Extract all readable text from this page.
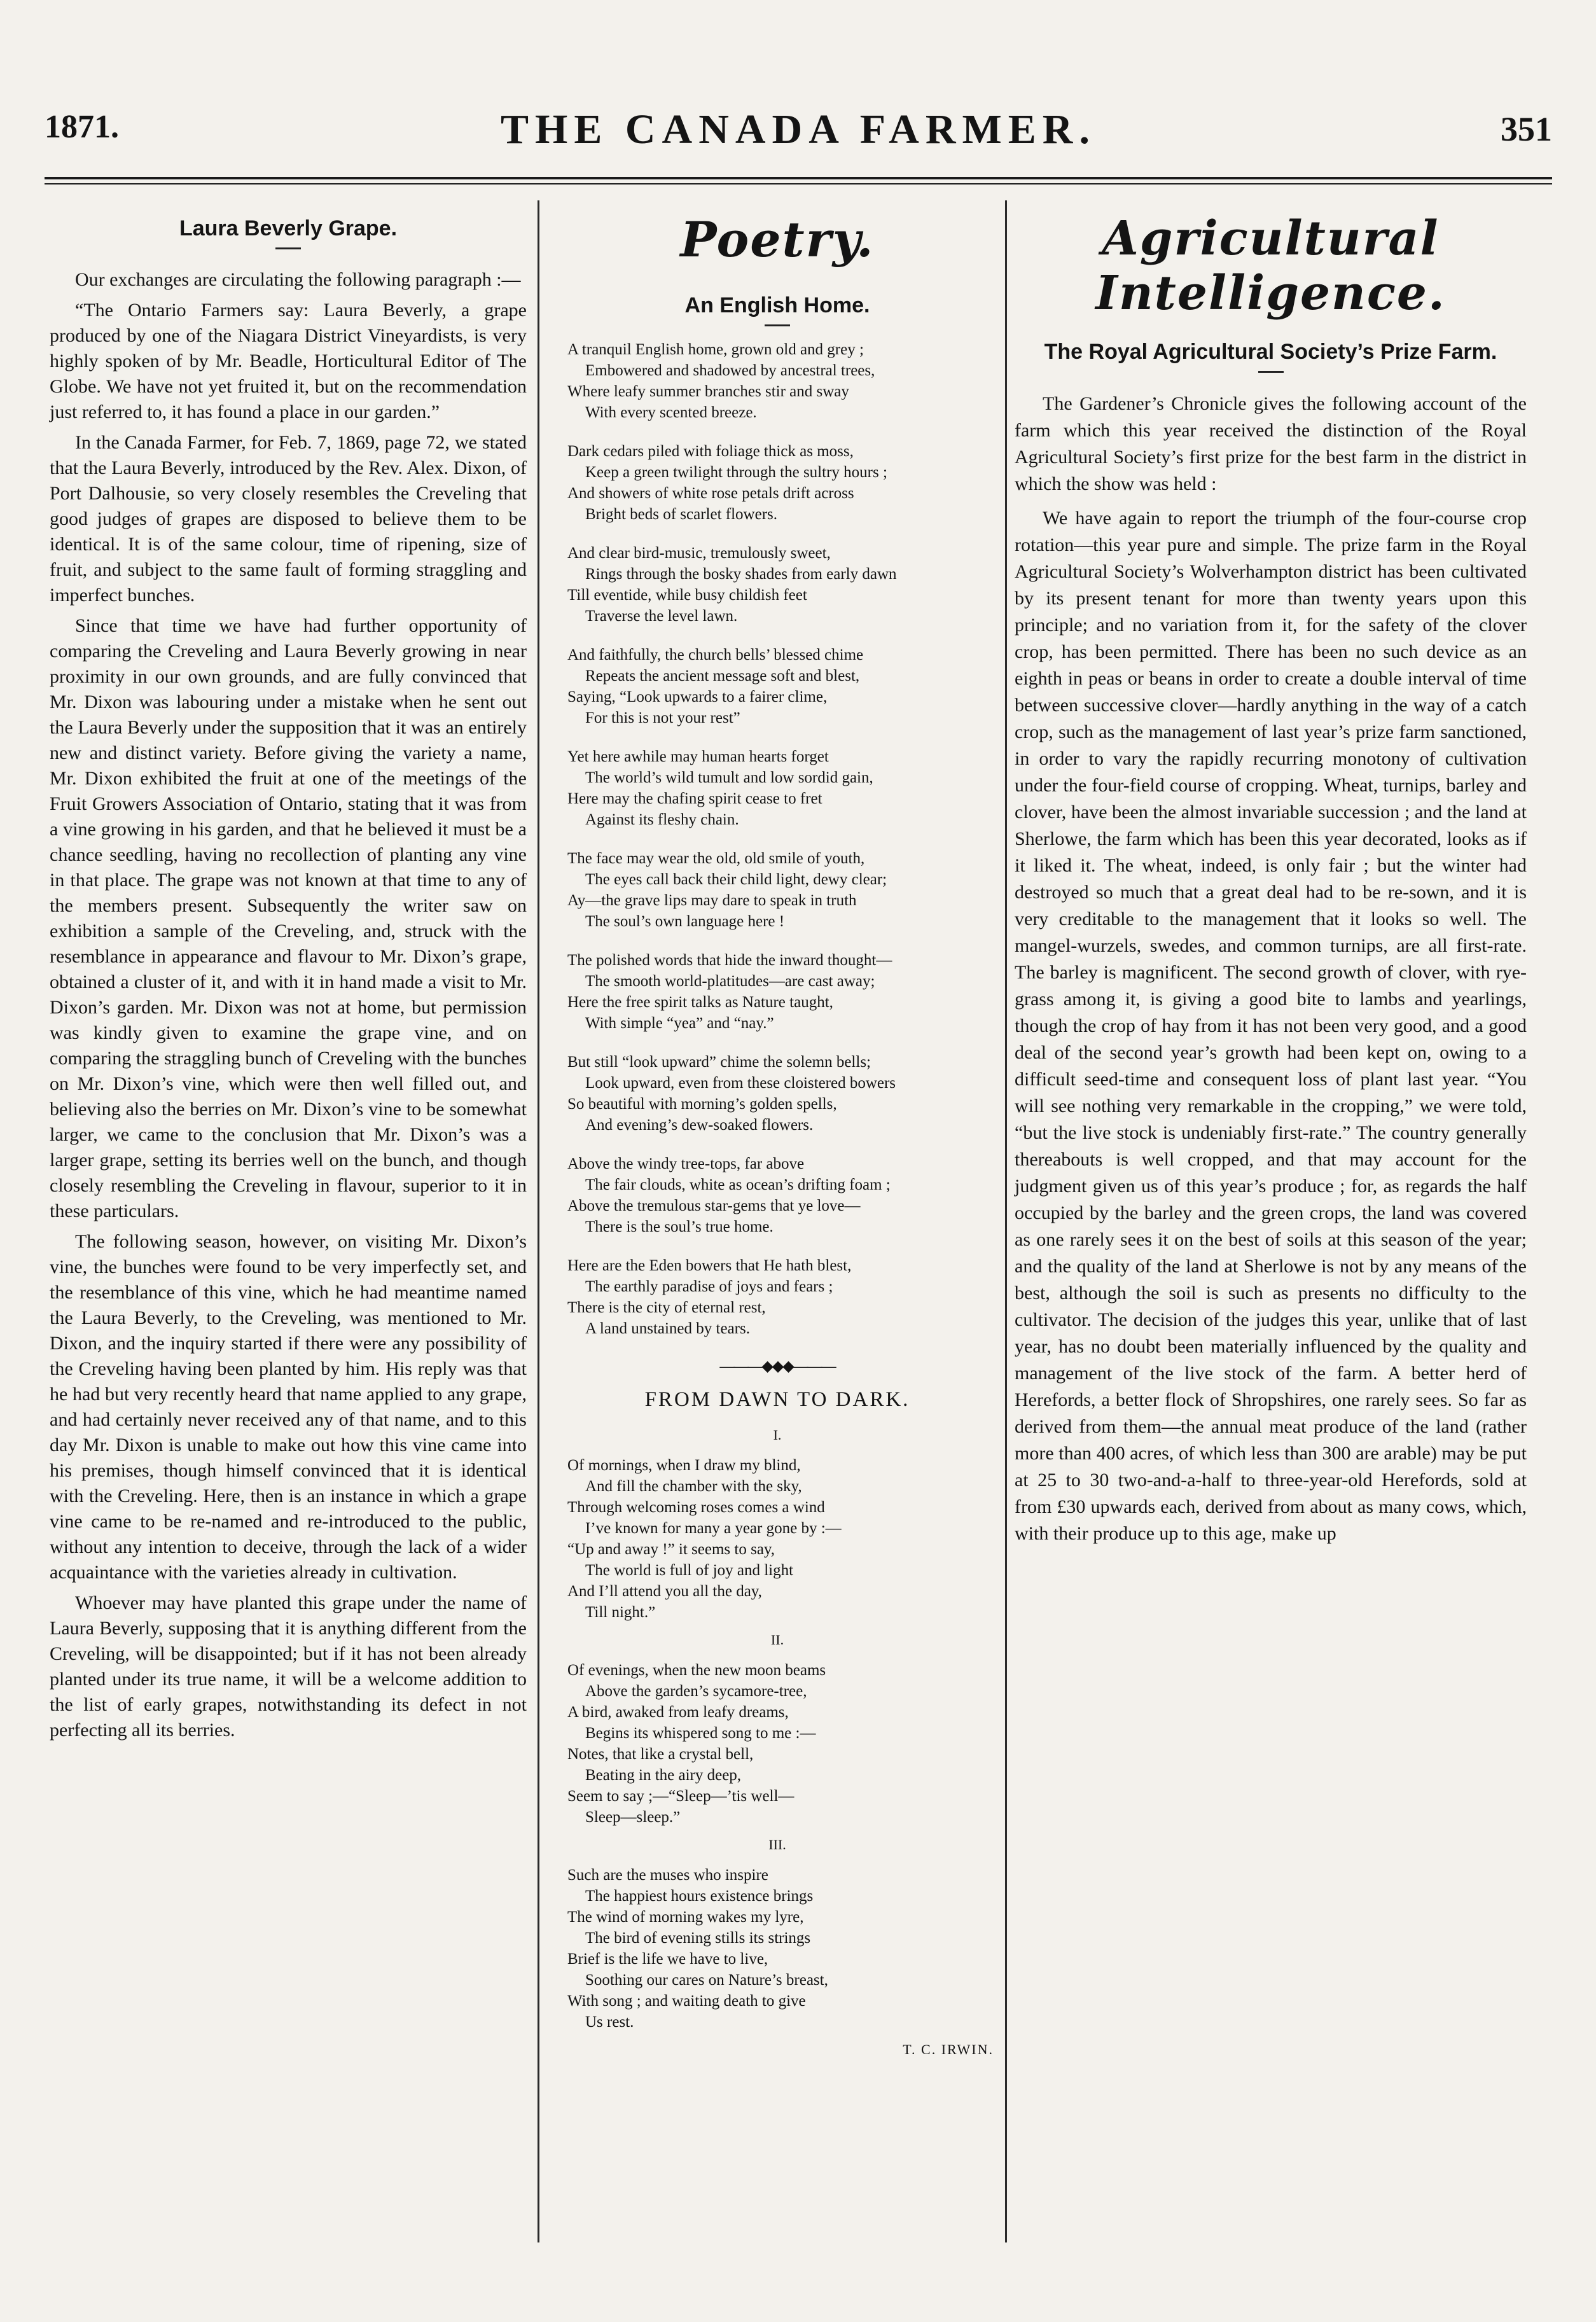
1871.	THE CANADA FARMER.	351
Laura Beverly Grape.

Our exchanges are circulating the following paragraph :—

“The Ontario Farmers say: Laura Beverly, a grape produced by one of the Niagara District Vineyardists, is very highly spoken of by Mr. Beadle, Horticultural Editor of The Globe. We have not yet fruited it, but on the recommendation just referred to, it has found a place in our garden.”

In the Canada Farmer, for Feb. 7, 1869, page 72, we stated that the Laura Beverly, introduced by the Rev. Alex. Dixon, of Port Dalhousie, so very closely resembles the Creveling that good judges of grapes are disposed to believe them to be identical. It is of the same colour, time of ripening, size of fruit, and subject to the same fault of forming straggling and imperfect bunches.

Since that time we have had further opportunity of comparing the Creveling and Laura Beverly growing in near proximity in our own grounds, and are fully convinced that Mr. Dixon was labouring under a mistake when he sent out the Laura Beverly under the supposition that it was an entirely new and distinct variety. Before giving the variety a name, Mr. Dixon exhibited the fruit at one of the meetings of the Fruit Growers Association of Ontario, stating that it was from a vine growing in his garden, and that he believed it must be a chance seedling, having no recollection of planting any vine in that place. The grape was not known at that time to any of the members present. Subsequently the writer saw on exhibition a sample of the Creveling, and, struck with the resemblance in appearance and flavour to Mr. Dixon’s grape, obtained a cluster of it, and with it in hand made a visit to Mr. Dixon’s garden. Mr. Dixon was not at home, but permission was kindly given to examine the grape vine, and on comparing the straggling bunch of Creveling with the bunches on Mr. Dixon’s vine, which were then well filled out, and believing also the berries on Mr. Dixon’s vine to be somewhat larger, we came to the conclusion that Mr. Dixon’s was a larger grape, setting its berries well on the bunch, and though closely resembling the Creveling in flavour, superior to it in these particulars.

The following season, however, on visiting Mr. Dixon’s vine, the bunches were found to be very imperfectly set, and the resemblance of this vine, which he had meantime named the Laura Beverly, to the Creveling, was mentioned to Mr. Dixon, and the inquiry started if there were any possibility of the Creveling having been planted by him. His reply was that he had but very recently heard that name applied to any grape, and had certainly never received any of that name, and to this day Mr. Dixon is unable to make out how this vine came into his premises, though himself convinced that it is identical with the Creveling. Here, then is an instance in which a grape vine came to be re-named and re-introduced to the public, without any intention to deceive, through the lack of a wider acquaintance with the varieties already in cultivation.

Whoever may have planted this grape under the name of Laura Beverly, supposing that it is anything different from the Creveling, will be disappointed; but if it has not been already planted under its true name, it will be a welcome addition to the list of early grapes, notwithstanding its defect in not perfecting all its berries.

Poetry.
An English Home.
A tranquil English home, grown old and grey ;
Embowered and shadowed by ancestral trees,
Where leafy summer branches stir and sway
With every scented breeze.
Dark cedars piled with foliage thick as moss,
Keep a green twilight through the sultry hours ;
And showers of white rose petals drift across
Bright beds of scarlet flowers.
And clear bird-music, tremulously sweet,
Rings through the bosky shades from early dawn
Till eventide, while busy childish feet
Traverse the level lawn.
And faithfully, the church bells’ blessed chime
Repeats the ancient message soft and blest,
Saying, “Look upwards to a fairer clime,
For this is not your rest”
Yet here awhile may human hearts forget
The world’s wild tumult and low sordid gain,
Here may the chafing spirit cease to fret
Against its fleshy chain.
The face may wear the old, old smile of youth,
The eyes call back their child light, dewy clear;
Ay—the grave lips may dare to speak in truth
The soul’s own language here !
The polished words that hide the inward thought—
The smooth world-platitudes—are cast away;
Here the free spirit talks as Nature taught,
With simple “yea” and “nay.”
But still “look upward” chime the solemn bells;
Look upward, even from these cloistered bowers
So beautiful with morning’s golden spells,
And evening’s dew-soaked flowers.
Above the windy tree-tops, far above
The fair clouds, white as ocean’s drifting foam ;
Above the tremulous star-gems that ye love—
There is the soul’s true home.
Here are the Eden bowers that He hath blest,
The earthly paradise of joys and fears ;
There is the city of eternal rest,
A land unstained by tears.
———◆◆◆———
FROM DAWN TO DARK.
I.
Of mornings, when I draw my blind,
And fill the chamber with the sky,
Through welcoming roses comes a wind
I’ve known for many a year gone by :—
“Up and away !” it seems to say,
The world is full of joy and light
And I’ll attend you all the day,
Till night.”
II.
Of evenings, when the new moon beams
Above the garden’s sycamore-tree,
A bird, awaked from leafy dreams,
Begins its whispered song to me :—
Notes, that like a crystal bell,
Beating in the airy deep,
Seem to say ;—“Sleep—’tis well—
Sleep—sleep.”
III.
Such are the muses who inspire
The happiest hours existence brings
The wind of morning wakes my lyre,
The bird of evening stills its strings
Brief is the life we have to live,
Soothing our cares on Nature’s breast,
With song ; and waiting death to give
Us rest.
T. C. IRWIN.
Agricultural Intelligence.
The Royal Agricultural Society’s Prize Farm.

The Gardener’s Chronicle gives the following account of the farm which this year received the distinction of the Royal Agricultural Society’s first prize for the best farm in the district in which the show was held :

We have again to report the triumph of the four-course crop rotation—this year pure and simple. The prize farm in the Royal Agricultural Society’s Wolverhampton district has been cultivated by its present tenant for more than twenty years upon this principle; and no variation from it, for the safety of the clover crop, has been permitted. There has been no such device as an eighth in peas or beans in order to create a double interval of time between successive clover—hardly anything in the way of a catch crop, such as the management of last year’s prize farm sanctioned, in order to vary the rapidly recurring monotony of cultivation under the four-field course of cropping. Wheat, turnips, barley and clover, have been the almost invariable succession ; and the land at Sherlowe, the farm which has been this year decorated, looks as if it liked it. The wheat, indeed, is only fair ; but the winter had destroyed so much that a great deal had to be re-sown, and it is very creditable to the management that it looks so well. The mangel-wurzels, swedes, and common turnips, are all first-rate. The barley is magnificent. The second growth of clover, with rye-grass among it, is giving a good bite to lambs and yearlings, though the crop of hay from it has not been very good, and a good deal of the second year’s growth had been kept on, owing to a difficult seed-time and consequent loss of plant last year. “You will see nothing very remarkable in the cropping,” we were told, “but the live stock is undeniably first-rate.” The country generally thereabouts is well cropped, and that may account for the judgment given us of this year’s produce ; for, as regards the half occupied by the barley and the green crops, the land was covered as one rarely sees it on the best of soils at this season of the year; and the quality of the land at Sherlowe is not by any means of the best, although the soil is such as presents no difficulty to the cultivator. The decision of the judges this year, unlike that of last year, has no doubt been materially influenced by the quality and management of the live stock of the farm. A better herd of Herefords, a better flock of Shropshires, one rarely sees. So far as derived from them—the annual meat produce of the land (rather more than 400 acres, of which less than 300 are arable) may be put at 25 to 30 two-and-a-half to three-year-old Herefords, sold at from £30 upwards each, derived from about as many cows, which, with their produce up to this age, make up
